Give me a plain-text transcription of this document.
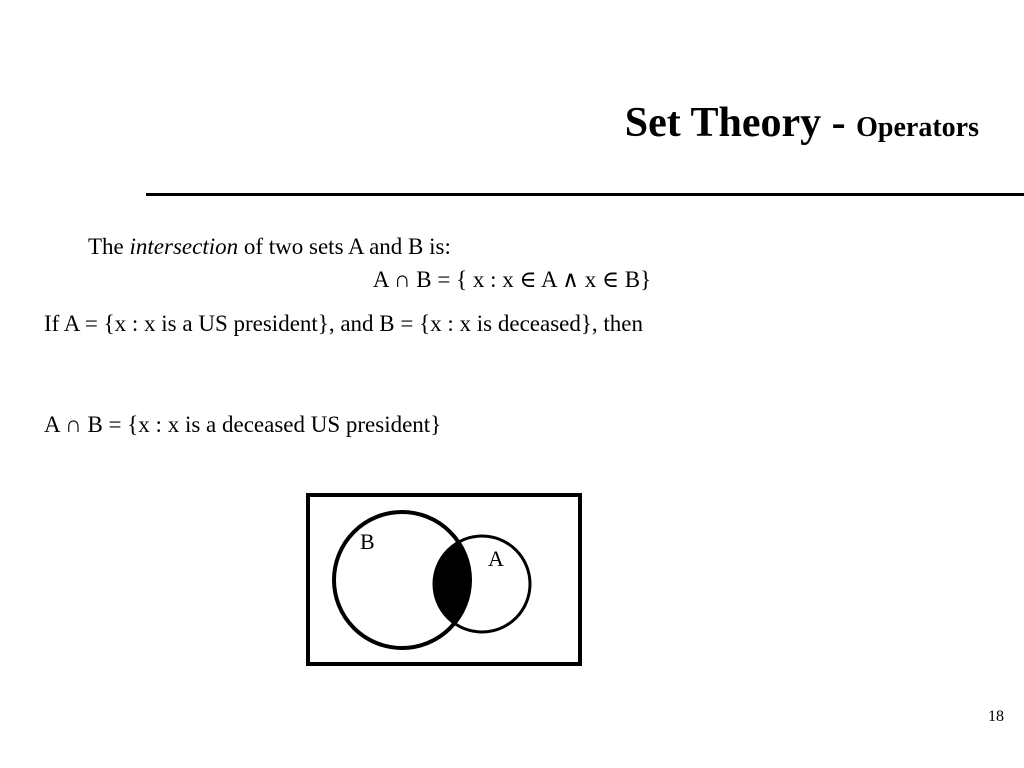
Set Theory - Operators
The intersection of two sets A and B is:
A ∩ B = { x : x ∈ A ∧ x ∈ B}
If A = {x : x is a US president}, and B = {x : x is deceased}, then
A ∩ B = {x : x is a deceased US president}
B
A
18
